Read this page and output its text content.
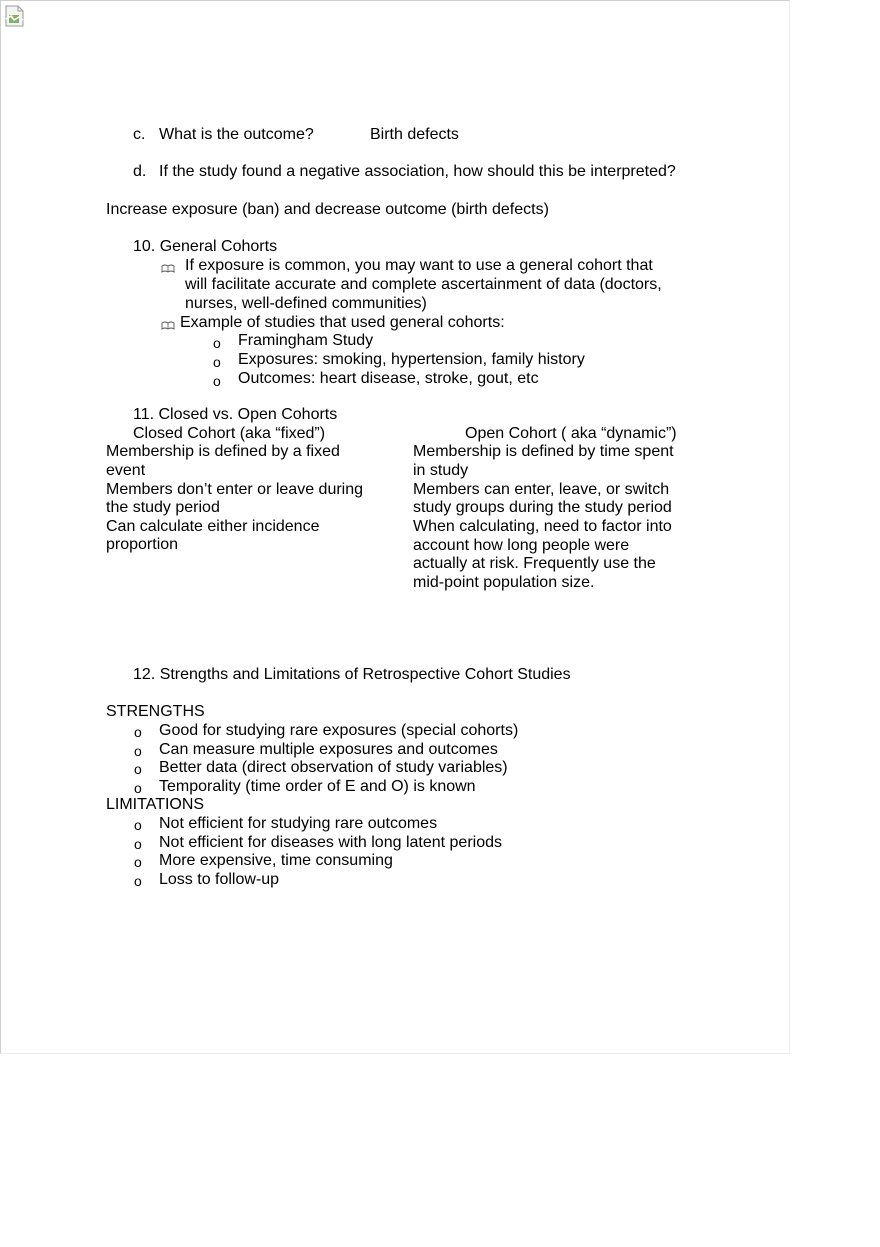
c. What is the outcome?	Birth defects
d. If the study found a negative association, how should this be interpreted?
Increase exposure (ban) and decrease outcome (birth defects)
10. General Cohorts
If exposure is common, you may want to use a general cohort that
will facilitate accurate and complete ascertainment of data (doctors,
nurses, well-defined communities)
Example of studies that used general cohorts:
o Framingham Study
o Exposures: smoking, hypertension, family history
o Outcomes: heart disease, stroke, gout, etc
11. Closed vs. Open Cohorts
Closed Cohort (aka “fixed”)	Open Cohort ( aka “dynamic”)
Membership is defined by a fixed
event
Members don’t enter or leave during
the study period
Can calculate either incidence
proportion
Membership is defined by time spent
in study
Members can enter, leave, or switch
study groups during the study period
When calculating, need to factor into
account how long people were
actually at risk. Frequently use the
mid-point population size.
12. Strengths and Limitations of Retrospective Cohort Studies
STRENGTHS
o Good for studying rare exposures (special cohorts)
o Can measure multiple exposures and outcomes
o Better data (direct observation of study variables)
o Temporality (time order of E and O) is known
LIMITATIONS
o Not efficient for studying rare outcomes
o Not efficient for diseases with long latent periods
o More expensive, time consuming
o Loss to follow-up
